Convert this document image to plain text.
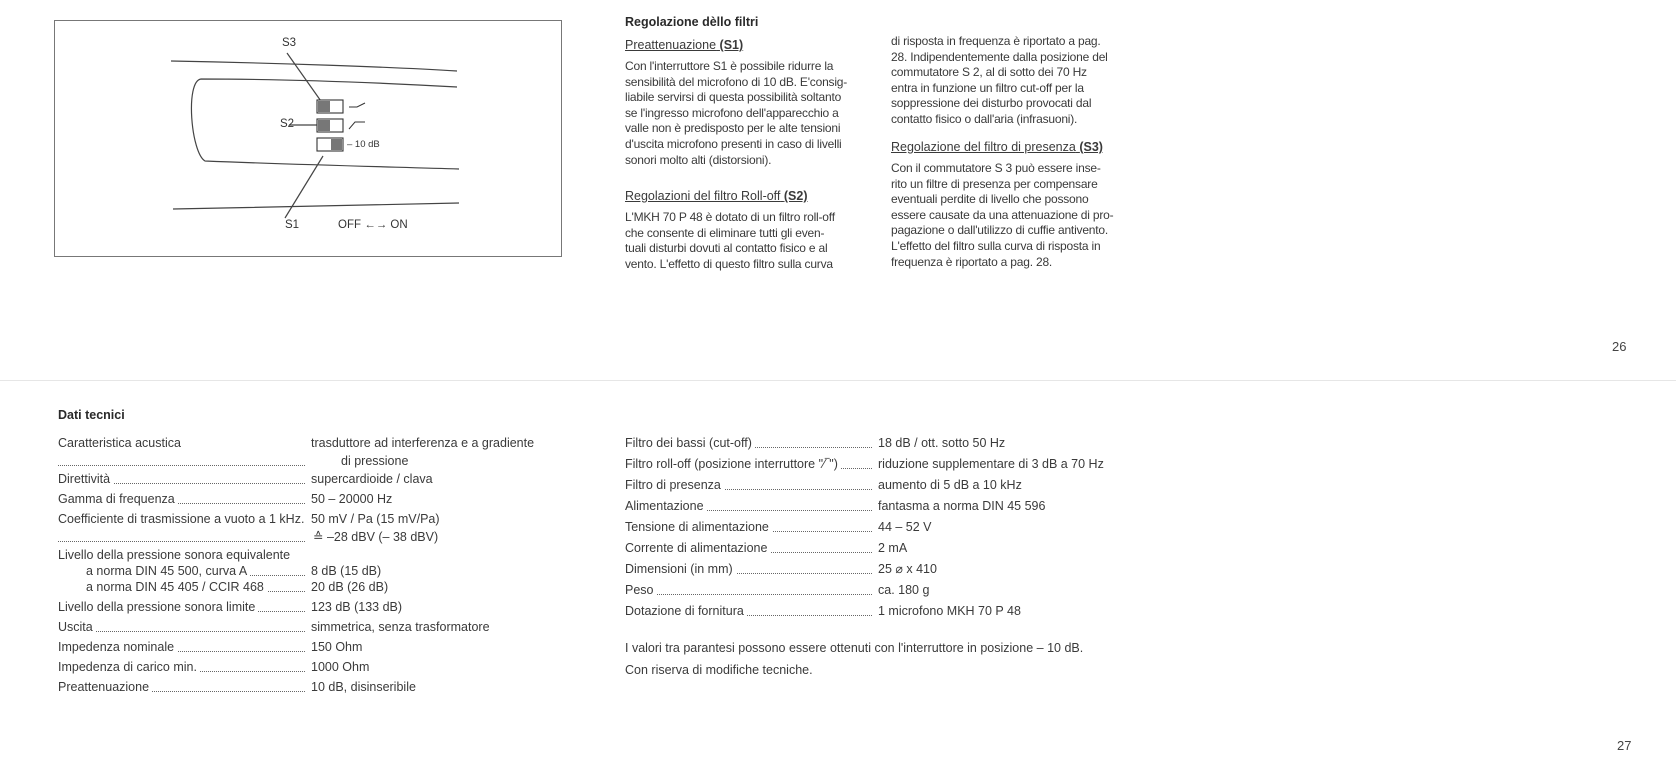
S3
S2
– 10 dB
S1	OFF ←→ ON
Regolazione dèllo filtri
Preattenuazione (S1)
Con l'interruttore S1 è possibile ridurre la
sensibilità del microfono di 10 dB. E'consig-
liabile servirsi di questa possibilità soltanto
se l'ingresso microfono dell'apparecchio a
valle non è predisposto per le alte tensioni
d'uscita microfono presenti in caso di livelli
sonori molto alti (distorsioni).
Regolazioni del filtro Roll-off (S2)
L'MKH 70 P 48 è dotato di un filtro roll-off
che consente di eliminare tutti gli even-
tuali disturbi dovuti al contatto fisico e al
vento. L'effetto di questo filtro sulla curva
di risposta in frequenza è riportato a pag.
28. Indipendentemente dalla posizione del
commutatore S 2, al di sotto dei 70 Hz
entra in funzione un filtro cut-off per la
soppressione dei disturbo provocati dal
contatto fisico o dall'aria (infrasuoni).
Regolazione del filtro di presenza (S3)
Con il commutatore S 3 può essere inse-
rito un filtre di presenza per compensare
eventuali perdite di livello che possono
essere causate da una attenuazione di pro-
pagazione o dall'utilizzo di cuffie antivento.
L'effetto del filtro sulla curva di risposta in
frequenza è riportato a pag. 28.
26
Dati tecnici
Caratteristica acustica	trasduttore ad interferenza e a gradiente
di pressione
Direttività	supercardioide / clava
Gamma di frequenza	50 – 20000 Hz
Coefficiente di trasmissione a vuoto a 1 kHz. 50 mV / Pa (15 mV/Pa)
≙ –28 dBV (– 38 dBV)
Livello della pressione sonora equivalente
a norma DIN 45 500, curva A	8 dB (15 dB)
a norma DIN 45 405 / CCIR 468	20 dB (26 dB)
Livello della pressione sonora limite	123 dB (133 dB)
Uscita	simmetrica, senza trasformatore
Impedenza nominale	150 Ohm
Impedenza di carico min.	1000 Ohm
Preattenuazione	10 dB, disinseribile
Filtro dei bassi (cut-off)	18 dB / ott. sotto 50 Hz
Filtro roll-off (posizione interruttore "⁄‾")	riduzione supplementare di 3 dB a 70 Hz
Filtro di presenza	aumento di 5 dB a 10 kHz
Alimentazione	fantasma a norma DIN 45 596
Tensione di alimentazione	44 – 52 V
Corrente di alimentazione	2 mA
Dimensioni (in mm)	25 ⌀ x 410
Peso	ca. 180 g
Dotazione di fornitura	1 microfono MKH 70 P 48
I valori tra parantesi possono essere ottenuti con l'interruttore in posizione – 10 dB.
Con riserva di modifiche tecniche.
27
